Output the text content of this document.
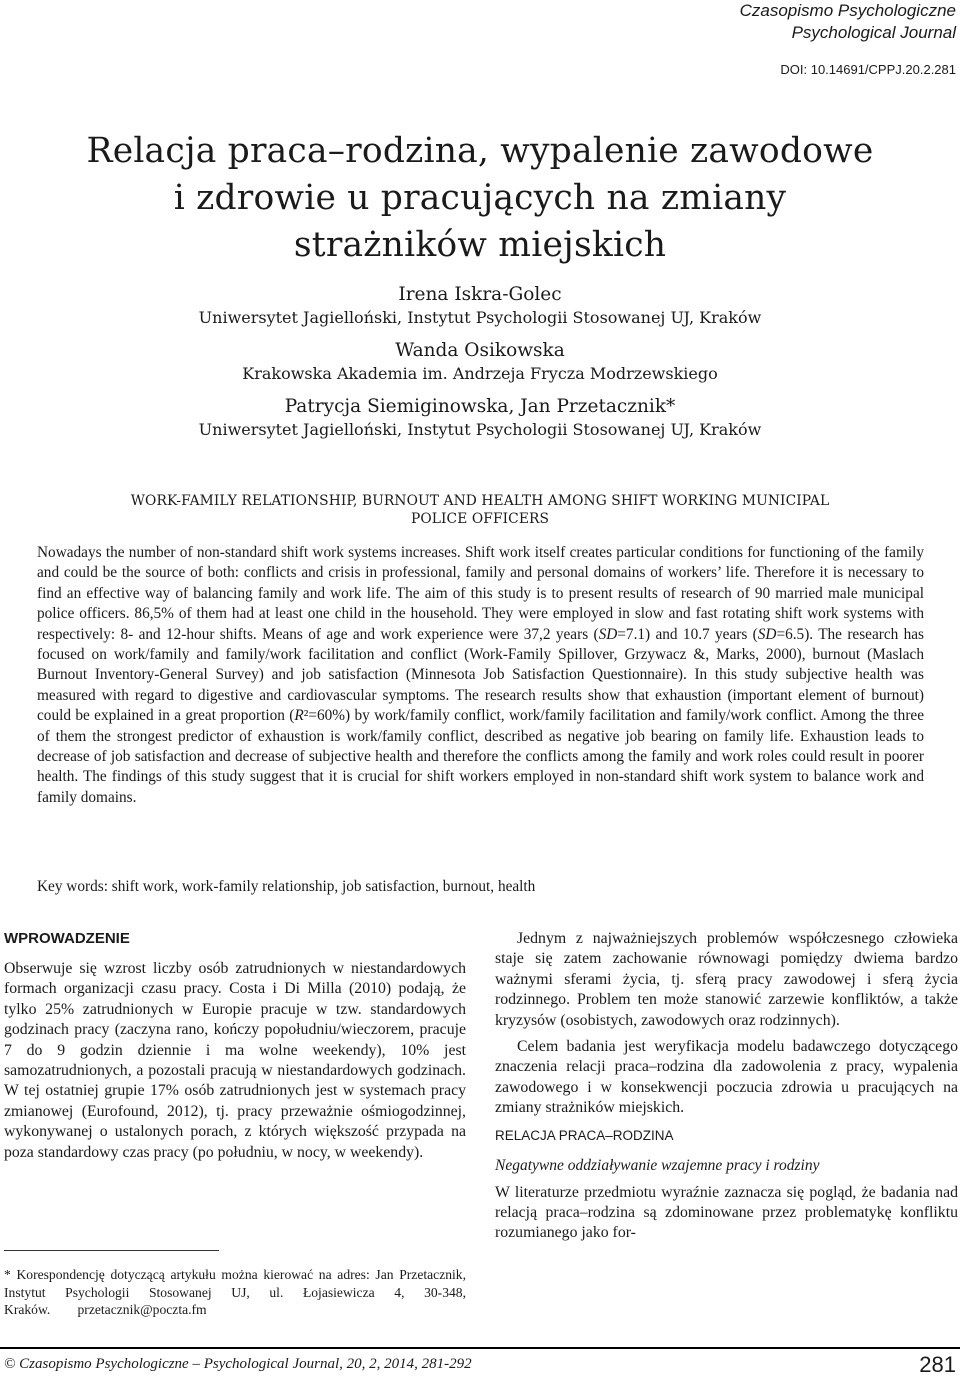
Czasopismo Psychologiczne
Psychological Journal
DOI: 10.14691/CPPJ.20.2.281
Relacja praca–rodzina, wypalenie zawodowe
i zdrowie u pracujących na zmiany
strażników miejskich
Irena Iskra-Golec
Uniwersytet Jagielloński, Instytut Psychologii Stosowanej UJ, Kraków
Wanda Osikowska
Krakowska Akademia im. Andrzeja Frycza Modrzewskiego
Patrycja Siemiginowska, Jan Przetacznik*
Uniwersytet Jagielloński, Instytut Psychologii Stosowanej UJ, Kraków
WORK-FAMILY RELATIONSHIP, BURNOUT AND HEALTH AMONG SHIFT WORKING MUNICIPAL
POLICE OFFICERS

Nowadays the number of non-standard shift work systems increases. Shift work itself creates particular conditions for functioning of the family and could be the source of both: conflicts and crisis in professional, family and personal domains of workers’ life. Therefore it is necessary to find an effective way of balancing family and work life. The aim of this study is to present results of research of 90 married male municipal police officers. 86,5% of them had at least one child in the household. They were employed in slow and fast rotating shift work systems with respectively: 8- and 12-hour shifts. Means of age and work experience were 37,2 years (SD=7.1) and 10.7 years (SD=6.5). The research has focused on work/family and family/work facilitation and conflict (Work-Family Spillover, Grzywacz &, Marks, 2000), burnout (Maslach Burnout Inventory-General Survey) and job satisfaction (Minnesota Job Satisfaction Questionnaire). In this study subjective health was measured with regard to digestive and cardiovascular symptoms. The research results show that exhaustion (important element of burnout) could be explained in a great proportion (R²=60%) by work/family conflict, work/family facilitation and family/work conflict. Among the three of them the strongest predictor of exhaustion is work/family conflict, described as negative job bearing on family life. Exhaustion leads to decrease of job satisfaction and decrease of subjective health and therefore the conflicts among the family and work roles could result in poorer health. The findings of this study suggest that it is crucial for shift workers employed in non-standard shift work system to balance work and family domains.

Key words: shift work, work-family relationship, job satisfaction, burnout, health
WPROWADZENIE

Obserwuje się wzrost liczby osób zatrudnionych w niestandardowych formach organizacji czasu pracy. Costa i Di Milla (2010) podają, że tylko 25% zatrudnionych w Europie pracuje w tzw. standardowych godzinach pracy (zaczyna rano, kończy popołudniu/wieczorem, pracuje 7 do 9 godzin dziennie i ma wolne weekendy), 10% jest samozatrudnionych, a pozostali pracują w niestandardowych godzinach. W tej ostatniej grupie 17% osób zatrudnionych jest w systemach pracy zmianowej (Eurofound, 2012), tj. pracy przeważnie ośmiogodzinnej, wykonywanej o ustalonych porach, z których większość przypada na poza standardowy czas pracy (po południu, w nocy, w weekendy).

* Korespondencję dotyczącą artykułu można kierować na adres: Jan Przetacznik, Instytut Psychologii Stosowanej UJ, ul. Łojasiewicza 4, 30-348, Kraków. przetacznik@poczta.fm

Jednym z najważniejszych problemów współczesnego człowieka staje się zatem zachowanie równowagi pomiędzy dwiema bardzo ważnymi sferami życia, tj. sferą pracy zawodowej i sferą życia rodzinnego. Problem ten może stanowić zarzewie konfliktów, a także kryzysów (osobistych, zawodowych oraz rodzinnych).

Celem badania jest weryfikacja modelu badawczego dotyczącego znaczenia relacji praca–rodzina dla zadowolenia z pracy, wypalenia zawodowego i w konsekwencji poczucia zdrowia u pracujących na zmiany strażników miejskich.

RELACJA PRACA–RODZINA
Negatywne oddziaływanie wzajemne pracy i rodziny

W literaturze przedmiotu wyraźnie zaznacza się pogląd, że badania nad relacją praca–rodzina są zdominowane przez problematykę konfliktu rozumianego jako for-

© Czasopismo Psychologiczne – Psychological Journal, 20, 2, 2014, 281-292	281
